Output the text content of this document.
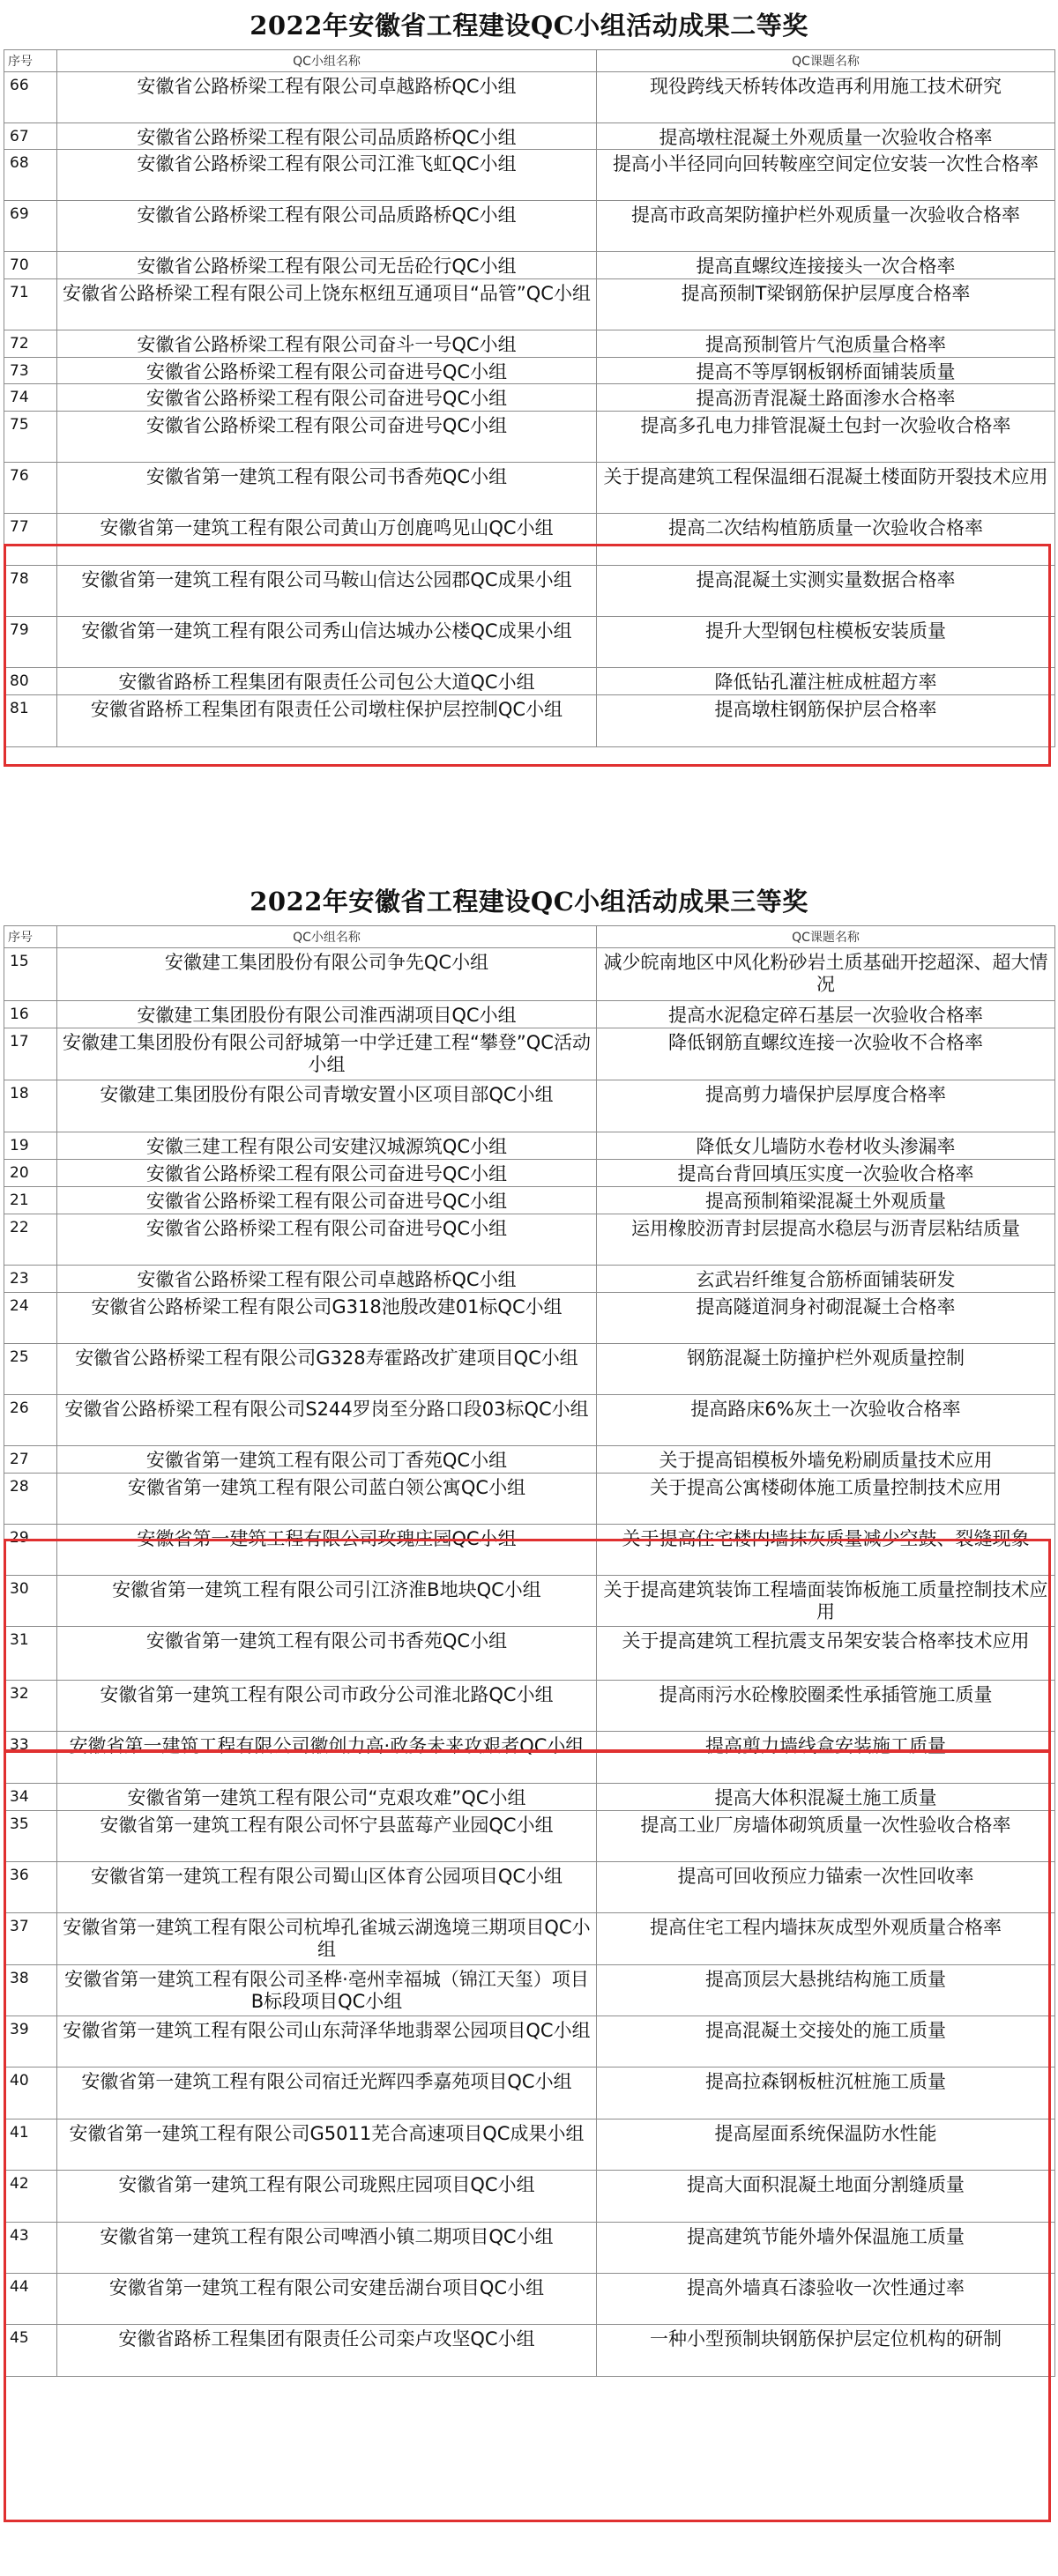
2022年安徽省工程建设QC小组活动成果二等奖
序号	QC小组名称	QC课题名称
66	安徽省公路桥梁工程有限公司卓越路桥QC小组	现役跨线天桥转体改造再利用施工技术研究
67	安徽省公路桥梁工程有限公司品质路桥QC小组	提高墩柱混凝土外观质量一次验收合格率
68	安徽省公路桥梁工程有限公司江淮飞虹QC小组	提高小半径同向回转鞍座空间定位安装一次性合格率
69	安徽省公路桥梁工程有限公司品质路桥QC小组	提高市政高架防撞护栏外观质量一次验收合格率
70	安徽省公路桥梁工程有限公司无岳砼行QC小组	提高直螺纹连接接头一次合格率
71	安徽省公路桥梁工程有限公司上饶东枢纽互通项目“品管”QC小组	提高预制T梁钢筋保护层厚度合格率
72	安徽省公路桥梁工程有限公司奋斗一号QC小组	提高预制管片气泡质量合格率
73	安徽省公路桥梁工程有限公司奋进号QC小组	提高不等厚钢板钢桥面铺装质量
74	安徽省公路桥梁工程有限公司奋进号QC小组	提高沥青混凝土路面渗水合格率
75	安徽省公路桥梁工程有限公司奋进号QC小组	提高多孔电力排管混凝土包封一次验收合格率
76	安徽省第一建筑工程有限公司书香苑QC小组	关于提高建筑工程保温细石混凝土楼面防开裂技术应用
77	安徽省第一建筑工程有限公司黄山万创鹿鸣见山QC小组	提高二次结构植筋质量一次验收合格率
78	安徽省第一建筑工程有限公司马鞍山信达公园郡QC成果小组	提高混凝土实测实量数据合格率
79	安徽省第一建筑工程有限公司秀山信达城办公楼QC成果小组	提升大型钢包柱模板安装质量
80	安徽省路桥工程集团有限责任公司包公大道QC小组	降低钻孔灌注桩成桩超方率
81	安徽省路桥工程集团有限责任公司墩柱保护层控制QC小组	提高墩柱钢筋保护层合格率
2022年安徽省工程建设QC小组活动成果三等奖
序号	QC小组名称	QC课题名称
15	安徽建工集团股份有限公司争先QC小组	减少皖南地区中风化粉砂岩土质基础开挖超深、超大情况
16	安徽建工集团股份有限公司淮西湖项目QC小组	提高水泥稳定碎石基层一次验收合格率
17	安徽建工集团股份有限公司舒城第一中学迁建工程“攀登”QC活动小组	降低钢筋直螺纹连接一次验收不合格率
18	安徽建工集团股份有限公司青墩安置小区项目部QC小组	提高剪力墙保护层厚度合格率
19	安徽三建工程有限公司安建汉城源筑QC小组	降低女儿墙防水卷材收头渗漏率
20	安徽省公路桥梁工程有限公司奋进号QC小组	提高台背回填压实度一次验收合格率
21	安徽省公路桥梁工程有限公司奋进号QC小组	提高预制箱梁混凝土外观质量
22	安徽省公路桥梁工程有限公司奋进号QC小组	运用橡胶沥青封层提高水稳层与沥青层粘结质量
23	安徽省公路桥梁工程有限公司卓越路桥QC小组	玄武岩纤维复合筋桥面铺装研发
24	安徽省公路桥梁工程有限公司G318池殷改建01标QC小组	提高隧道洞身衬砌混凝土合格率
25	安徽省公路桥梁工程有限公司G328寿霍路改扩建项目QC小组	钢筋混凝土防撞护栏外观质量控制
26	安徽省公路桥梁工程有限公司S244罗岗至分路口段03标QC小组	提高路床6%灰土一次验收合格率
27	安徽省第一建筑工程有限公司丁香苑QC小组	关于提高铝模板外墙免粉刷质量技术应用
28	安徽省第一建筑工程有限公司蓝白领公寓QC小组	关于提高公寓楼砌体施工质量控制技术应用
29	安徽省第一建筑工程有限公司玫瑰庄园QC小组	关于提高住宅楼内墙抹灰质量减少空鼓、裂缝现象
30	安徽省第一建筑工程有限公司引江济淮B地块QC小组	关于提高建筑装饰工程墙面装饰板施工质量控制技术应用
31	安徽省第一建筑工程有限公司书香苑QC小组	关于提高建筑工程抗震支吊架安装合格率技术应用
32	安徽省第一建筑工程有限公司市政分公司淮北路QC小组	提高雨污水砼橡胶圈柔性承插管施工质量
33	安徽省第一建筑工程有限公司徽创力高·政务未来攻艰者QC小组	提高剪力墙线盒安装施工质量
34	安徽省第一建筑工程有限公司“克艰攻难”QC小组	提高大体积混凝土施工质量
35	安徽省第一建筑工程有限公司怀宁县蓝莓产业园QC小组	提高工业厂房墙体砌筑质量一次性验收合格率
36	安徽省第一建筑工程有限公司蜀山区体育公园项目QC小组	提高可回收预应力锚索一次性回收率
37	安徽省第一建筑工程有限公司杭埠孔雀城云湖逸境三期项目QC小组	提高住宅工程内墙抹灰成型外观质量合格率
38	安徽省第一建筑工程有限公司圣桦·亳州幸福城（锦江天玺）项目B标段项目QC小组	提高顶层大悬挑结构施工质量
39	安徽省第一建筑工程有限公司山东菏泽华地翡翠公园项目QC小组	提高混凝土交接处的施工质量
40	安徽省第一建筑工程有限公司宿迁光辉四季嘉苑项目QC小组	提高拉森钢板桩沉桩施工质量
41	安徽省第一建筑工程有限公司G5011芜合高速项目QC成果小组	提高屋面系统保温防水性能
42	安徽省第一建筑工程有限公司珑熙庄园项目QC小组	提高大面积混凝土地面分割缝质量
43	安徽省第一建筑工程有限公司啤酒小镇二期项目QC小组	提高建筑节能外墙外保温施工质量
44	安徽省第一建筑工程有限公司安建岳湖台项目QC小组	提高外墙真石漆验收一次性通过率
45	安徽省路桥工程集团有限责任公司栾卢攻坚QC小组	一种小型预制块钢筋保护层定位机构的研制
